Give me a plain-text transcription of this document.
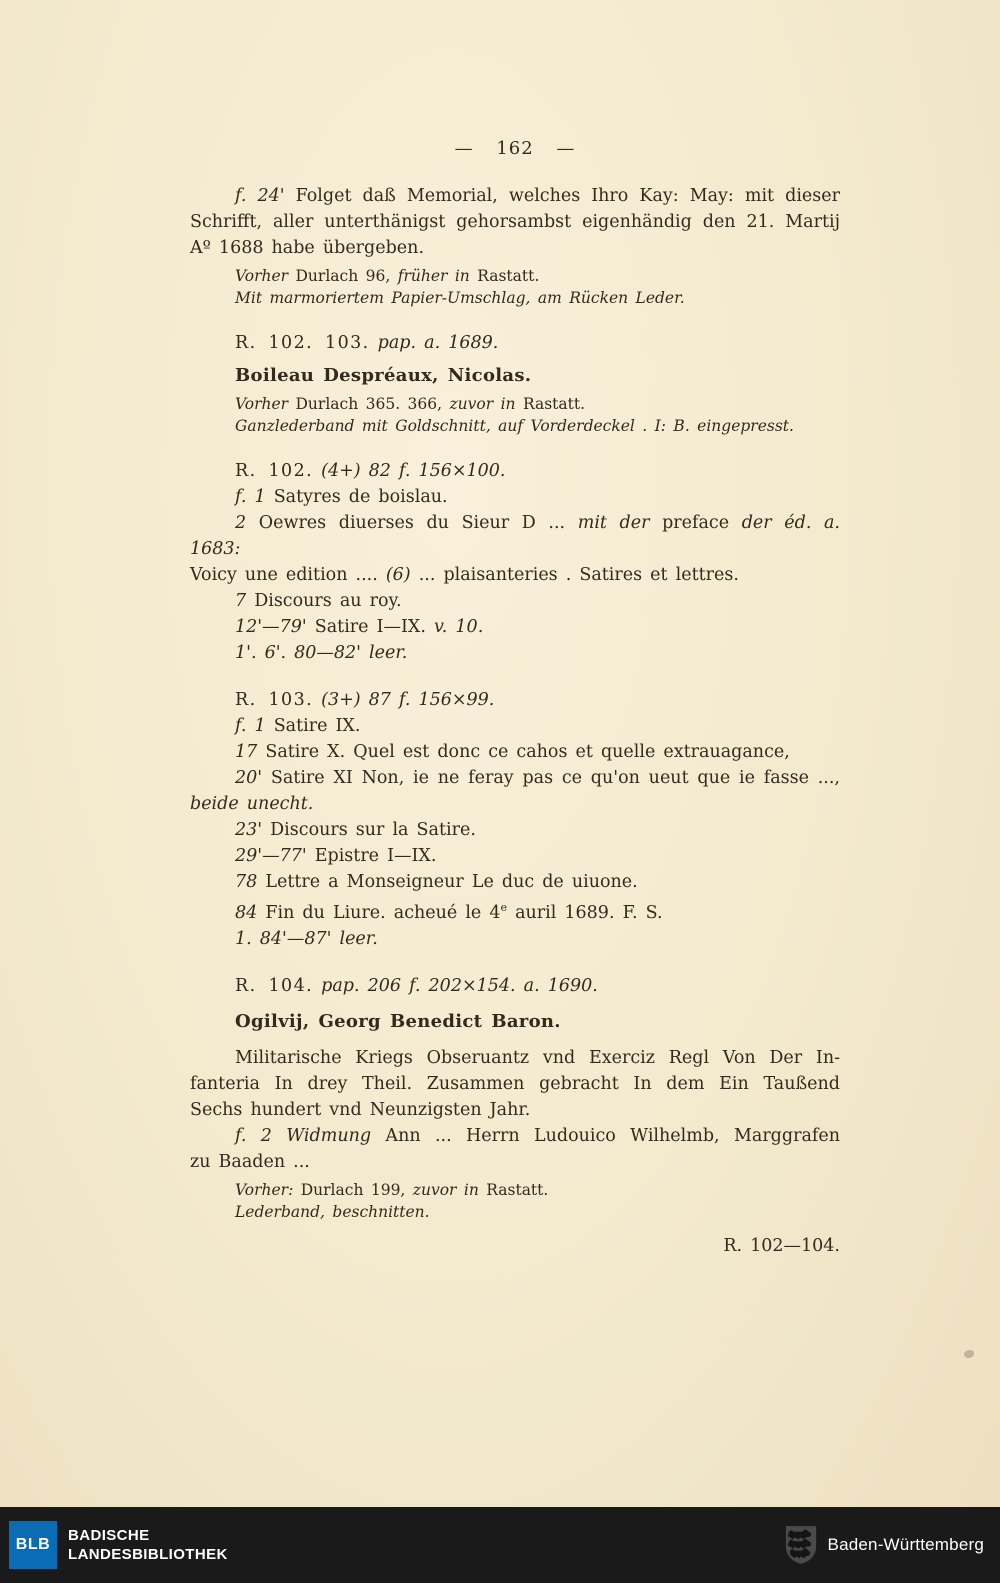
— 162 —
f. 24' Folget daß Memorial, welches Ihro Kay: May: mit dieser
Schrifft, aller unterthänigst gehorsambst eigenhändig den 21. Martij
Aº 1688 habe übergeben.
Vorher Durlach 96, früher in Rastatt.
Mit marmoriertem Papier-Umschlag, am Rücken Leder.
R. 102. 103. pap. a. 1689.
Boileau Despréaux, Nicolas.
Vorher Durlach 365. 366, zuvor in Rastatt.
Ganzlederband mit Goldschnitt, auf Vorderdeckel . I: B. eingepresst.
R. 102. (4+) 82 f. 156×100.
f. 1 Satyres de boislau.
2 Oewres diuerses du Sieur D ... mit der preface der éd. a. 1683:
Voicy une edition .... (6) ... plaisanteries . Satires et lettres.
7 Discours au roy.
12'—79' Satire I—IX. v. 10.
1'. 6'. 80—82' leer.
R. 103. (3+) 87 f. 156×99.
f. 1 Satire IX.
17 Satire X. Quel est donc ce cahos et quelle extrauagance,
20' Satire XI Non, ie ne feray pas ce qu'on ueut que ie fasse ...,
beide unecht.
23' Discours sur la Satire.
29'—77' Epistre I—IX.
78 Lettre a Monseigneur Le duc de uiuone.
84 Fin du Liure. acheué le 4e auril 1689. F. S.
1. 84'—87' leer.
R. 104. pap. 206 f. 202×154. a. 1690.
Ogilvij, Georg Benedict Baron.
Militarische Kriegs Obseruantz vnd Exerciz Regl Von Der In-
fanteria In drey Theil. Zusammen gebracht In dem Ein Taußend
Sechs hundert vnd Neunzigsten Jahr.
f. 2 Widmung Ann ... Herrn Ludouico Wilhelmb, Marggrafen
zu Baaden ...
Vorher: Durlach 199, zuvor in Rastatt.
Lederband, beschnitten.
R. 102—104.
BLB
BADISCHE
LANDESBIBLIOTHEK
Baden-Württemberg
